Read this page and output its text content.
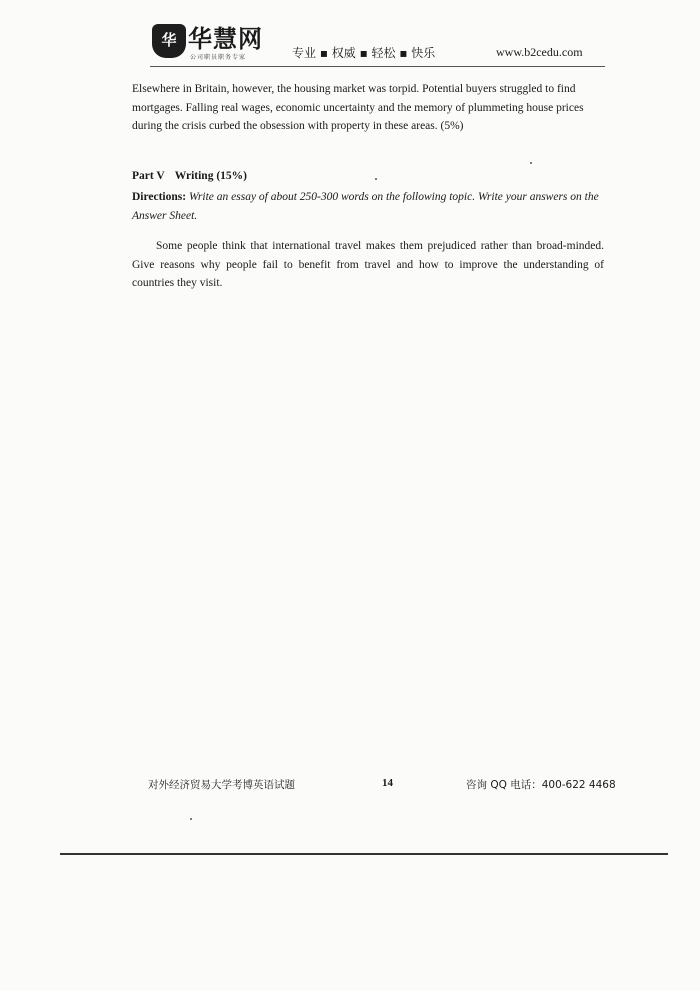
华 华慧网
公司职员职务专家	专业 ▪ 权威 ▪ 轻松 ▪ 快乐	www.b2cedu.com

Elsewhere in Britain, however, the housing market was torpid. Potential buyers struggled to find mortgages. Falling real wages, economic uncertainty and the memory of plummeting house prices during the crisis curbed the obsession with property in these areas. (5%)

Part V Writing (15%)

Directions: Write an essay of about 250-300 words on the following topic. Write your answers on the Answer Sheet.

Some people think that international travel makes them prejudiced rather than broad-minded. Give reasons why people fail to benefit from travel and how to improve the understanding of countries they visit.

对外经济贸易大学考博英语试题	14	咨询 QQ 电话：400-622 4468
